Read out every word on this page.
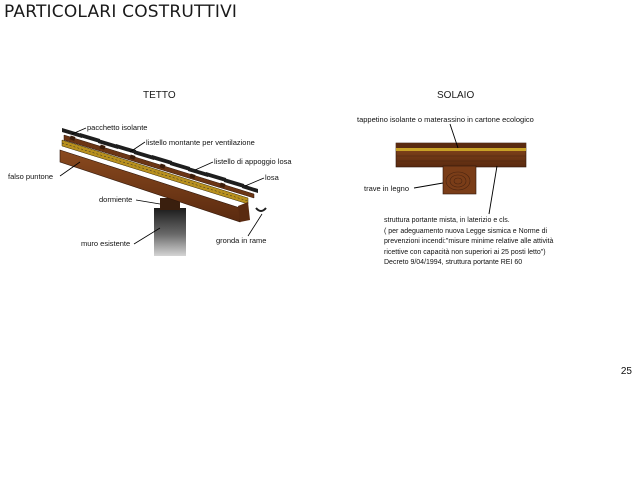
PARTICOLARI COSTRUTTIVI
TETTO
pacchetto isolante
listello montante per ventilazione
listello di appoggio losa
losa
falso puntone
dormiente
muro esistente	gronda in rame
SOLAIO
tappetino isolante o materassino in cartone ecologico
trave in legno
struttura portante mista, in laterizio e cls.
( per adeguamento nuova Legge sismica e Norme di
prevenzioni incendi:"misure minime relative alle attività
ricettive con capacità non superiori ai 25 posti letto")
Decreto 9/04/1994, struttura portante REI 60
25
